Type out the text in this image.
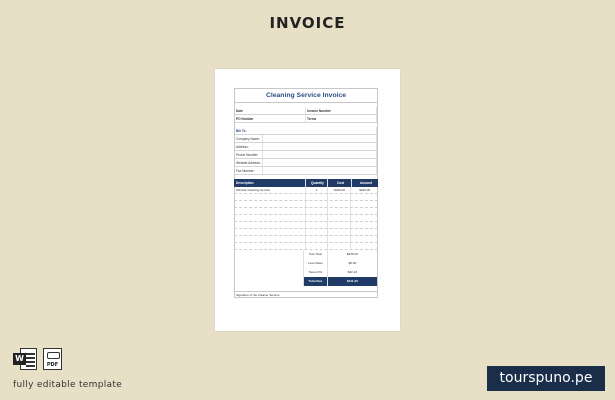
INVOICE
Cleaning Service Invoice
Date	Invoice Number
PO Number	Terms
Bill To:
Company Name:
Address:
Phone Number:
Website Address:
Fax Number:
Description	Quantity	Cost	Amount
Window Cleaning Service	1	$230.00	$230.00
Sub Total	$230.00
Less Mass	$0.00
Taxes 6%	$32.16
Total Due	$411.30
Signature of the Cleaner Service
W
PDF
fully editable template	tourspuno.pe
